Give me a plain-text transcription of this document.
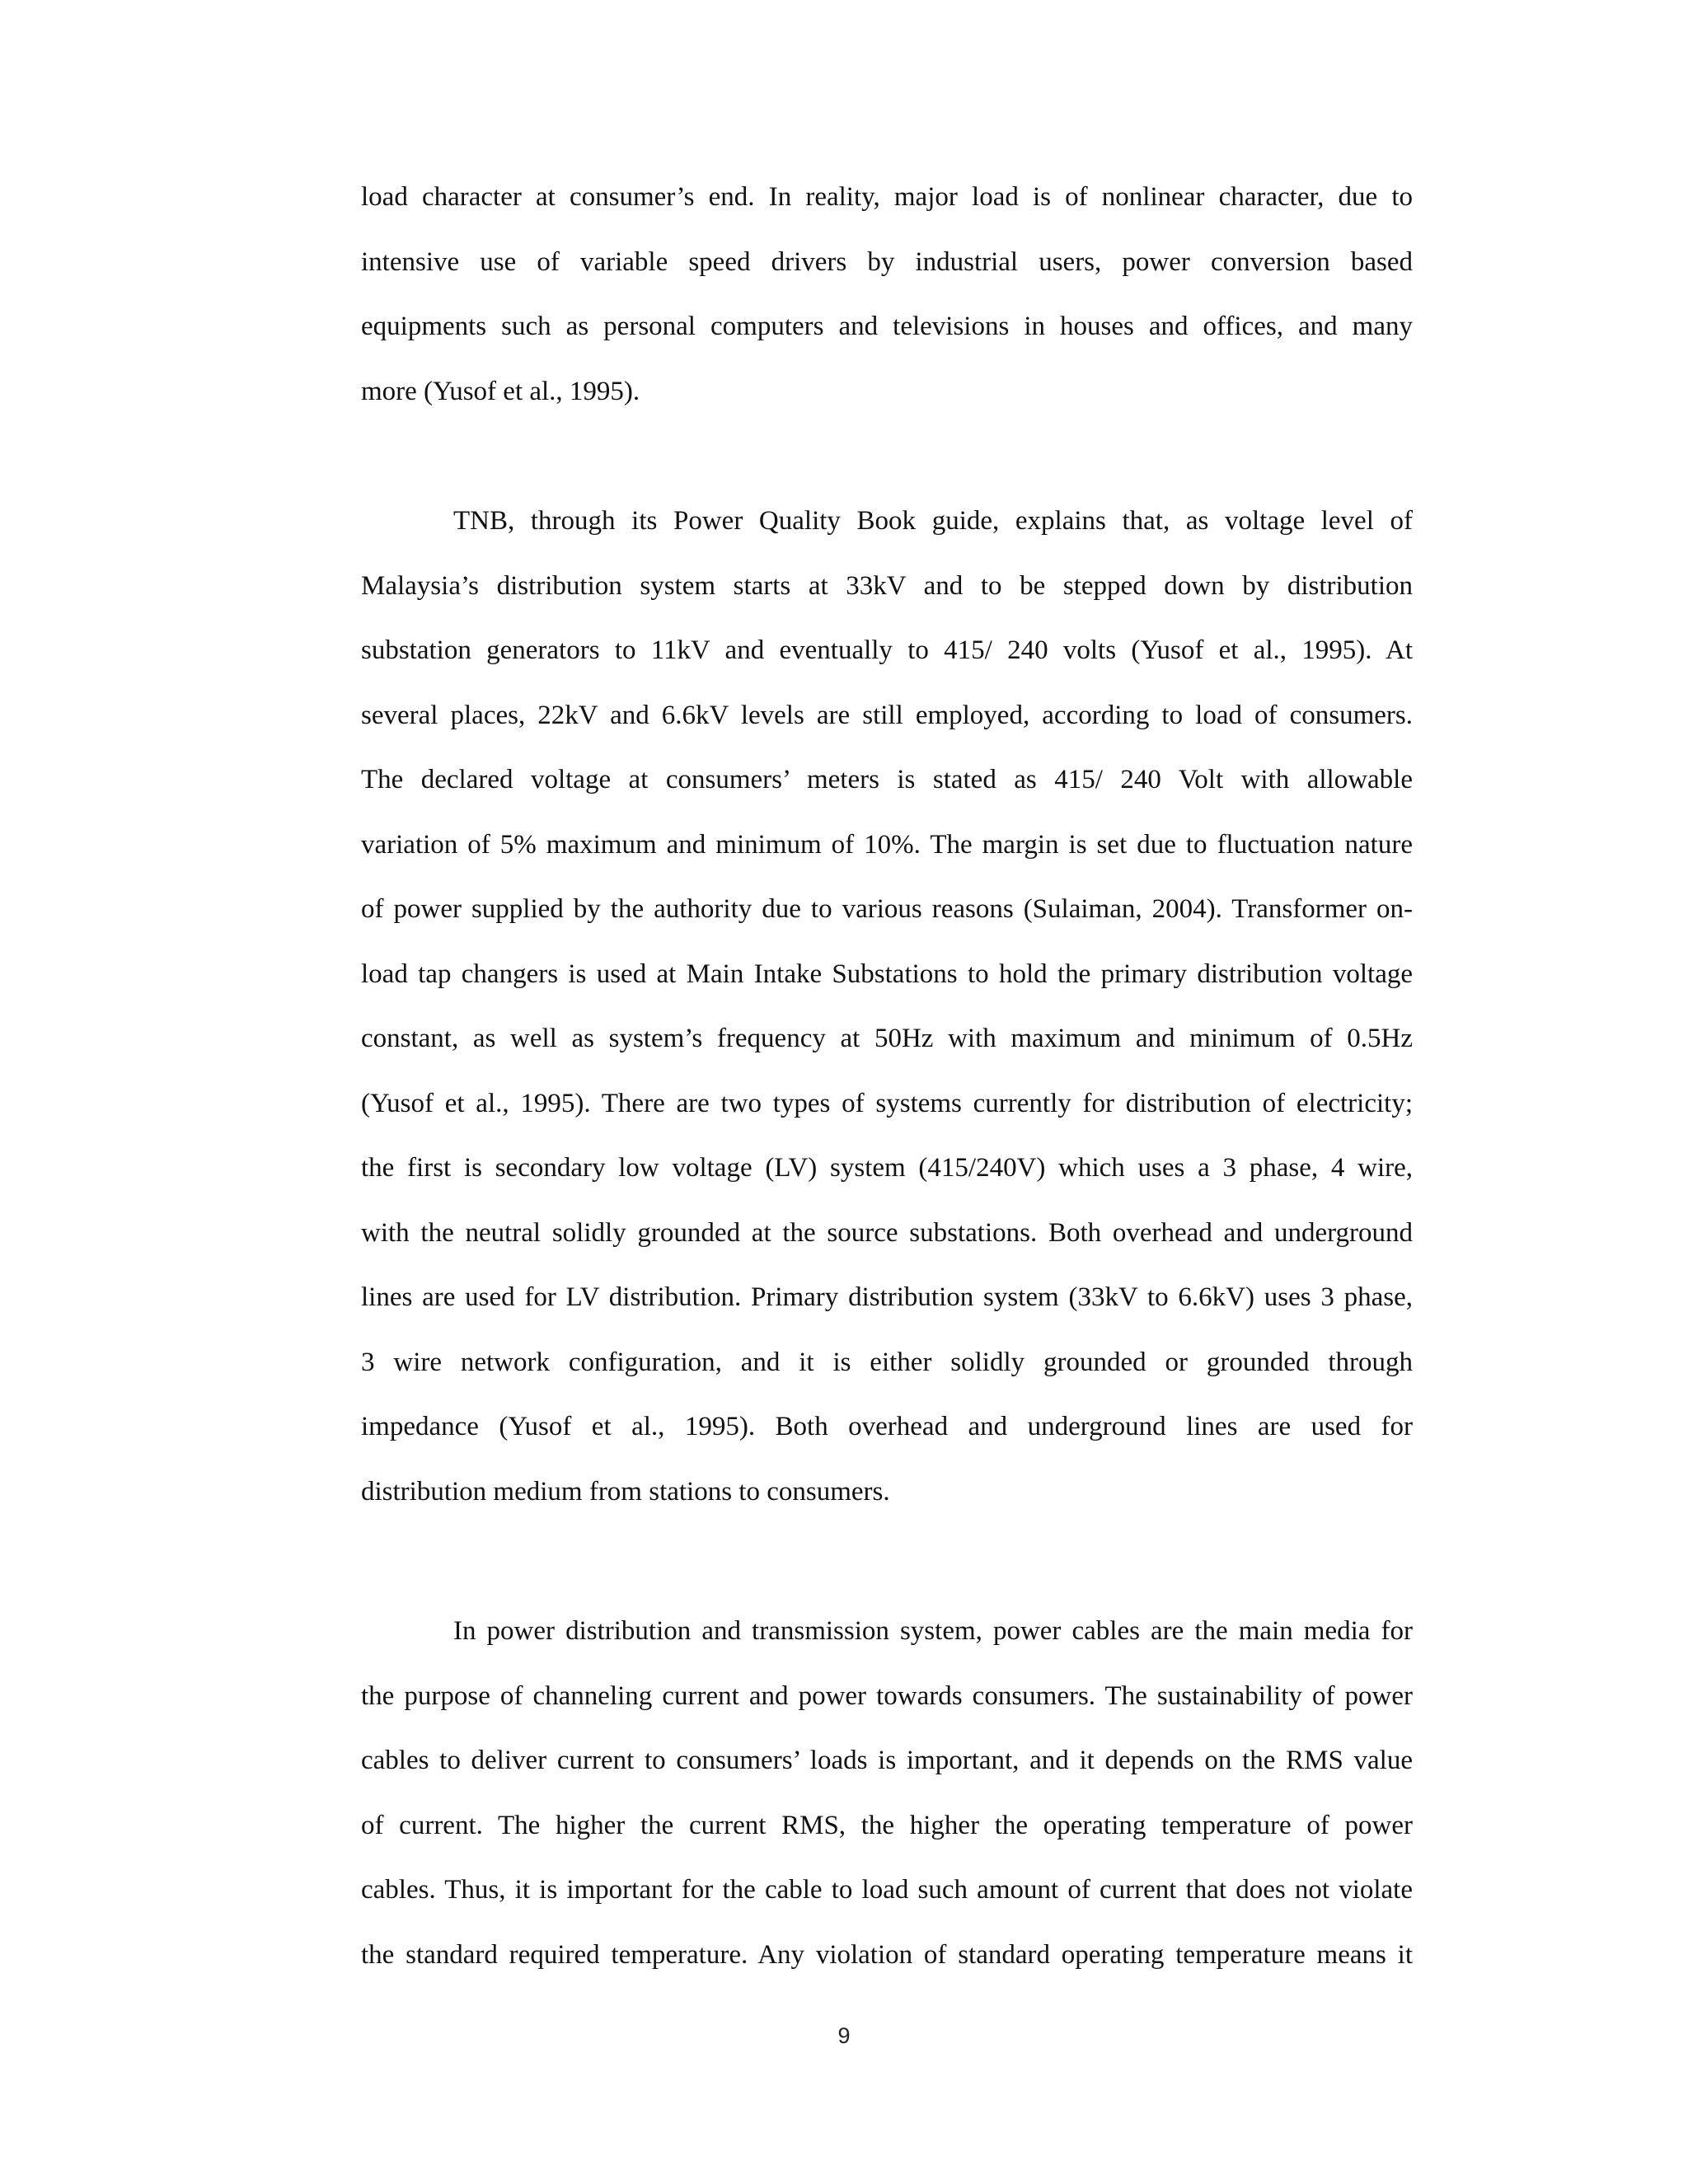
load character at consumer’s end. In reality, major load is of nonlinear character, due to
intensive use of variable speed drivers by industrial users, power conversion based
equipments such as personal computers and televisions in houses and offices, and many
more (Yusof et al., 1995).
TNB, through its Power Quality Book guide, explains that, as voltage level of
Malaysia’s distribution system starts at 33kV and to be stepped down by distribution
substation generators to 11kV and eventually to 415/ 240 volts (Yusof et al., 1995). At
several places, 22kV and 6.6kV levels are still employed, according to load of consumers.
The declared voltage at consumers’ meters is stated as 415/ 240 Volt with allowable
variation of 5% maximum and minimum of 10%. The margin is set due to fluctuation nature
of power supplied by the authority due to various reasons (Sulaiman, 2004). Transformer on-
load tap changers is used at Main Intake Substations to hold the primary distribution voltage
constant, as well as system’s frequency at 50Hz with maximum and minimum of 0.5Hz
(Yusof et al., 1995). There are two types of systems currently for distribution of electricity;
the first is secondary low voltage (LV) system (415/240V) which uses a 3 phase, 4 wire,
with the neutral solidly grounded at the source substations. Both overhead and underground
lines are used for LV distribution. Primary distribution system (33kV to 6.6kV) uses 3 phase,
3 wire network configuration, and it is either solidly grounded or grounded through
impedance (Yusof et al., 1995). Both overhead and underground lines are used for
distribution medium from stations to consumers.
In power distribution and transmission system, power cables are the main media for
the purpose of channeling current and power towards consumers. The sustainability of power
cables to deliver current to consumers’ loads is important, and it depends on the RMS value
of current. The higher the current RMS, the higher the operating temperature of power
cables. Thus, it is important for the cable to load such amount of current that does not violate
the standard required temperature. Any violation of standard operating temperature means it
9
